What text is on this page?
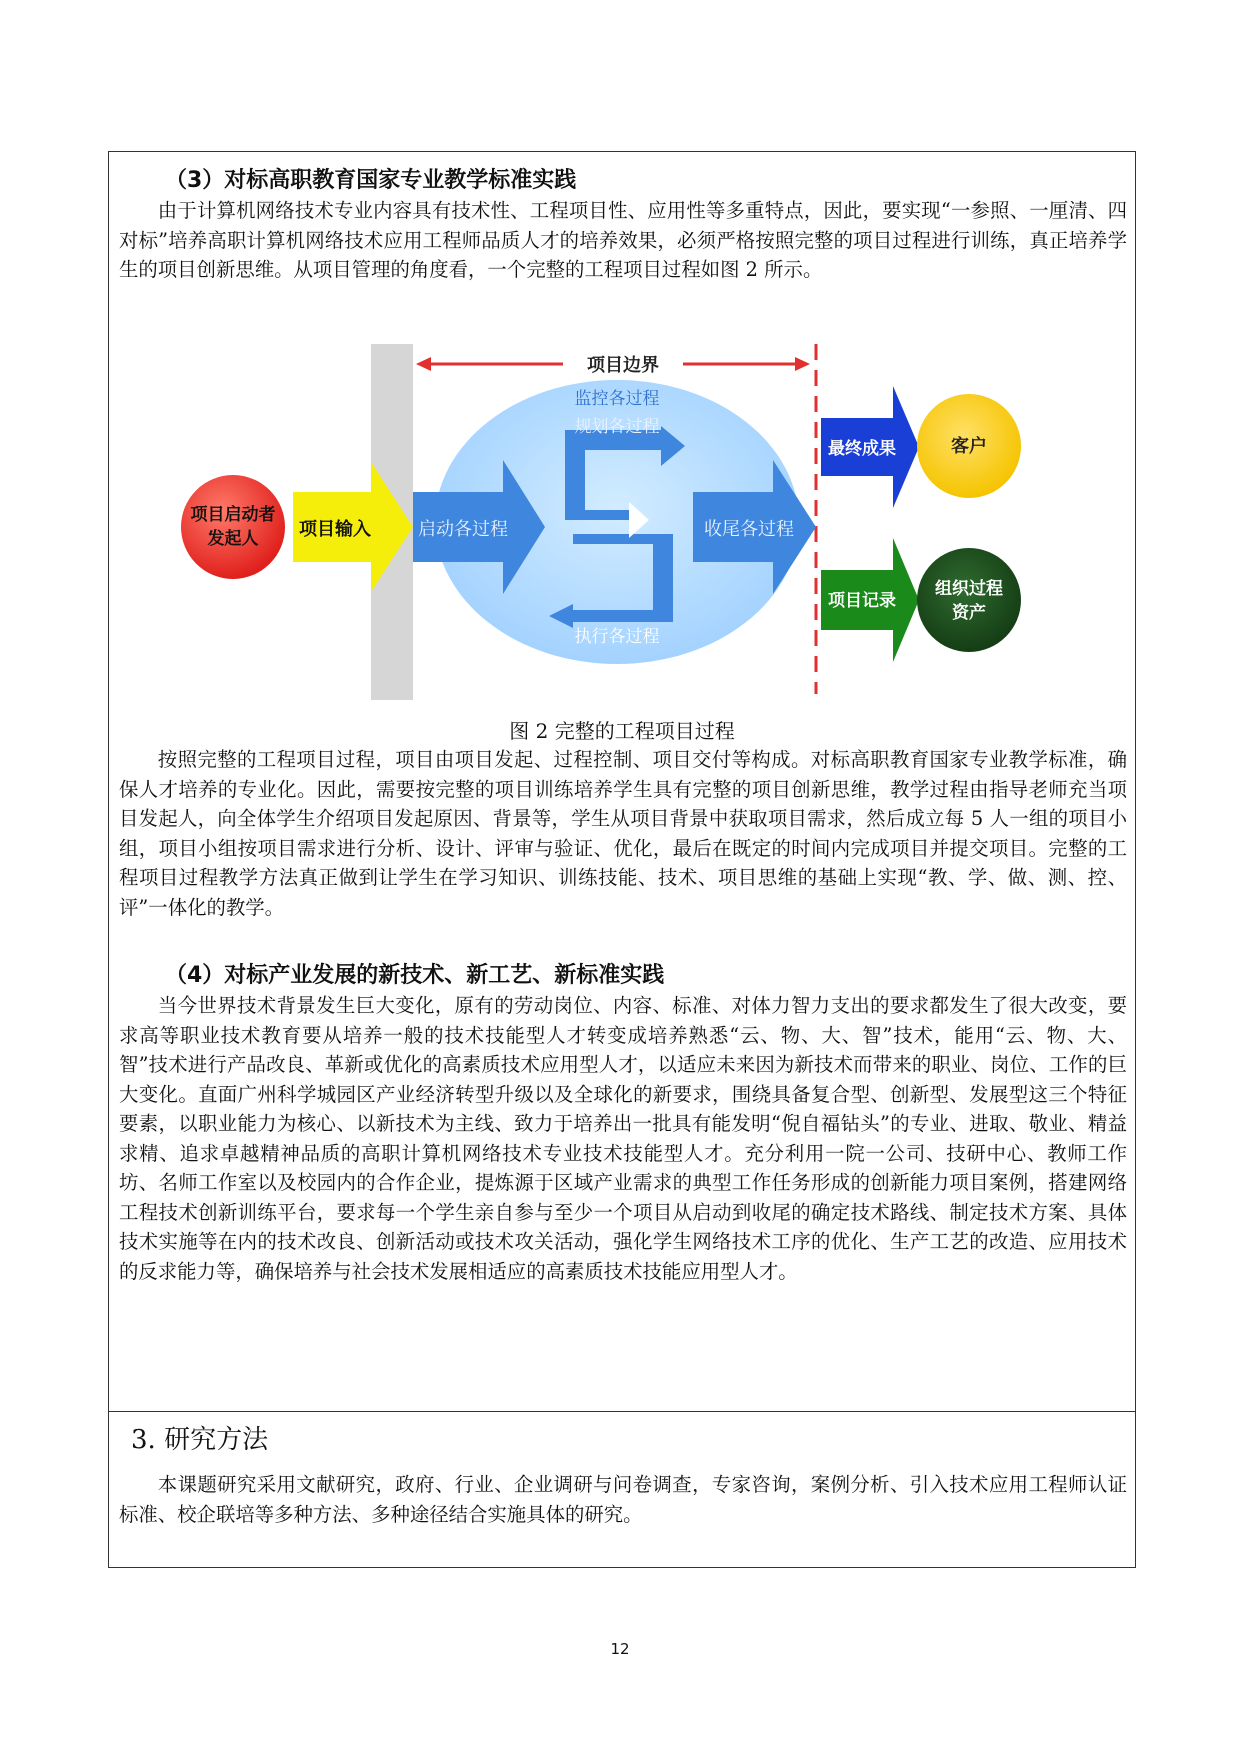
（3）对标高职教育国家专业教学标准实践

由于计算机网络技术专业内容具有技术性、工程项目性、应用性等多重特点，因此，要实现“一参照、一厘清、四对标”培养高职计算机网络技术应用工程师品质人才的培养效果，必须严格按照完整的项目过程进行训练，真正培养学生的项目创新思维。从项目管理的角度看，一个完整的工程项目过程如图 2 所示。

项目边界
项目启动者
发起人 项目输入	启动各过程
监控各过程
规划各过程
执行各过程
收尾各过程
最终成果	客户
项目记录
组织过程
资产
图 2 完整的工程项目过程

按照完整的工程项目过程，项目由项目发起、过程控制、项目交付等构成。对标高职教育国家专业教学标准，确保人才培养的专业化。因此，需要按完整的项目训练培养学生具有完整的项目创新思维，教学过程由指导老师充当项目发起人，向全体学生介绍项目发起原因、背景等，学生从项目背景中获取项目需求，然后成立每 5 人一组的项目小组，项目小组按项目需求进行分析、设计、评审与验证、优化，最后在既定的时间内完成项目并提交项目。完整的工程项目过程教学方法真正做到让学生在学习知识、训练技能、技术、项目思维的基础上实现“教、学、做、测、控、评”一体化的教学。

（4）对标产业发展的新技术、新工艺、新标准实践

当今世界技术背景发生巨大变化，原有的劳动岗位、内容、标准、对体力智力支出的要求都发生了很大改变，要求高等职业技术教育要从培养一般的技术技能型人才转变成培养熟悉“云、物、大、智”技术，能用“云、物、大、智”技术进行产品改良、革新或优化的高素质技术应用型人才，以适应未来因为新技术而带来的职业、岗位、工作的巨大变化。直面广州科学城园区产业经济转型升级以及全球化的新要求，围绕具备复合型、创新型、发展型这三个特征要素，以职业能力为核心、以新技术为主线、致力于培养出一批具有能发明“倪自福钻头”的专业、进取、敬业、精益求精、追求卓越精神品质的高职计算机网络技术专业技术技能型人才。充分利用一院一公司、技研中心、教师工作坊、名师工作室以及校园内的合作企业，提炼源于区域产业需求的典型工作任务形成的创新能力项目案例，搭建网络工程技术创新训练平台，要求每一个学生亲自参与至少一个项目从启动到收尾的确定技术路线、制定技术方案、具体技术实施等在内的技术改良、创新活动或技术攻关活动，强化学生网络技术工序的优化、生产工艺的改造、应用技术的反求能力等，确保培养与社会技术发展相适应的高素质技术技能应用型人才。

3. 研究方法

本课题研究采用文献研究，政府、行业、企业调研与问卷调查，专家咨询，案例分析、引入技术应用工程师认证标准、校企联培等多种方法、多种途径结合实施具体的研究。

12
